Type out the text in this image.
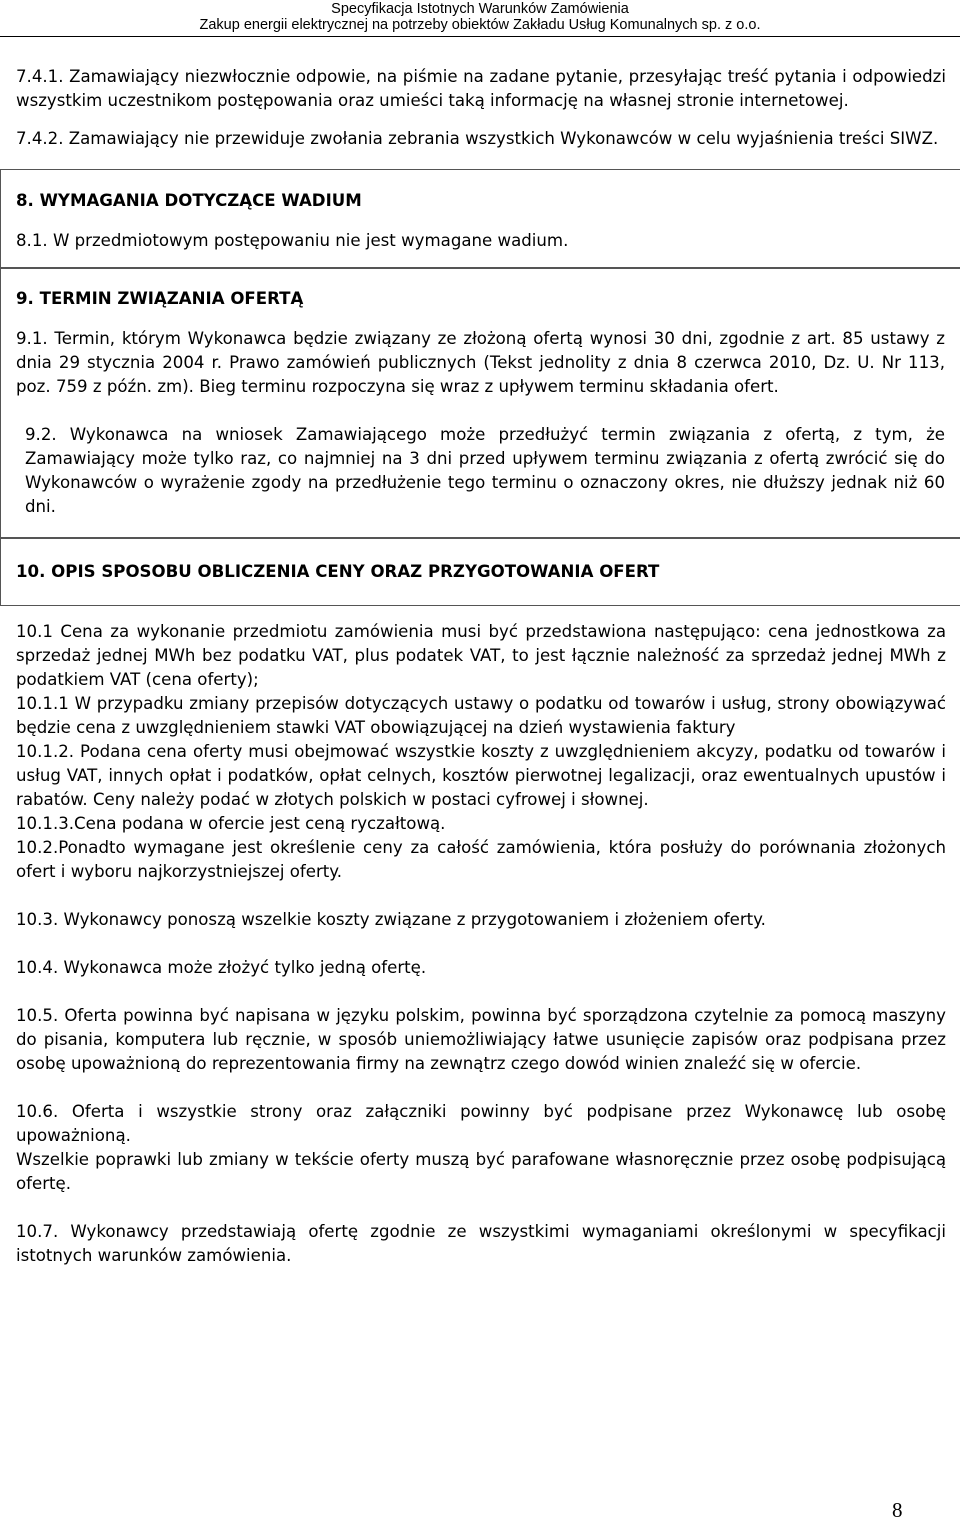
Specyfikacja Istotnych Warunków Zamówienia
Zakup energii elektrycznej na potrzeby obiektów Zakładu Usług Komunalnych sp. z o.o.

7.4.1. Zamawiający niezwłocznie odpowie, na piśmie na zadane pytanie, przesyłając treść pytania i odpowiedzi wszystkim uczestnikom postępowania oraz umieści taką informację na własnej stronie internetowej.

7.4.2. Zamawiający nie przewiduje zwołania zebrania wszystkich Wykonawców w celu wyjaśnienia treści SIWZ.

8. WYMAGANIA DOTYCZĄCE WADIUM

8.1. W przedmiotowym postępowaniu nie jest wymagane wadium.

9. TERMIN ZWIĄZANIA OFERTĄ

9.1. Termin, którym Wykonawca będzie związany ze złożoną ofertą wynosi 30 dni, zgodnie z art. 85 ustawy z dnia 29 stycznia 2004 r. Prawo zamówień publicznych (Tekst jednolity z dnia 8 czerwca 2010, Dz. U. Nr 113, poz. 759 z późn. zm). Bieg terminu rozpoczyna się wraz z upływem terminu składania ofert.

9.2. Wykonawca na wniosek Zamawiającego może przedłużyć termin związania z ofertą, z tym, że Zamawiający może tylko raz, co najmniej na 3 dni przed upływem terminu związania z ofertą zwrócić się do Wykonawców o wyrażenie zgody na przedłużenie tego terminu o oznaczony okres, nie dłuższy jednak niż 60 dni.

10. OPIS SPOSOBU OBLICZENIA CENY ORAZ PRZYGOTOWANIA OFERT

10.1 Cena za wykonanie przedmiotu zamówienia musi być przedstawiona następująco: cena jednostkowa za sprzedaż jednej MWh bez podatku VAT, plus podatek VAT, to jest łącznie należność za sprzedaż jednej MWh z podatkiem VAT (cena oferty);

10.1.1 W przypadku zmiany przepisów dotyczących ustawy o podatku od towarów i usług, strony obowiązywać będzie cena z uwzględnieniem stawki VAT obowiązującej na dzień wystawienia faktury

10.1.2. Podana cena oferty musi obejmować wszystkie koszty z uwzględnieniem akcyzy, podatku od towarów i usług VAT, innych opłat i podatków, opłat celnych, kosztów pierwotnej legalizacji, oraz ewentualnych upustów i rabatów. Ceny należy podać w złotych polskich w postaci cyfrowej i słownej.

10.1.3.Cena podana w ofercie jest ceną ryczałtową.

10.2.Ponadto wymagane jest określenie ceny za całość zamówienia, która posłuży do porównania złożonych ofert i wyboru najkorzystniejszej oferty.

10.3. Wykonawcy ponoszą wszelkie koszty związane z przygotowaniem i złożeniem oferty.

10.4. Wykonawca może złożyć tylko jedną ofertę.

10.5. Oferta powinna być napisana w języku polskim, powinna być sporządzona czytelnie za pomocą maszyny do pisania, komputera lub ręcznie, w sposób uniemożliwiający łatwe usunięcie zapisów oraz podpisana przez osobę upoważnioną do reprezentowania firmy na zewnątrz czego dowód winien znaleźć się w ofercie.

10.6. Oferta i wszystkie strony oraz załączniki powinny być podpisane przez Wykonawcę lub osobę upoważnioną.

Wszelkie poprawki lub zmiany w tekście oferty muszą być parafowane własnoręcznie przez osobę podpisującą ofertę.

10.7. Wykonawcy przedstawiają ofertę zgodnie ze wszystkimi wymaganiami określonymi w specyfikacji istotnych warunków zamówienia.

8
